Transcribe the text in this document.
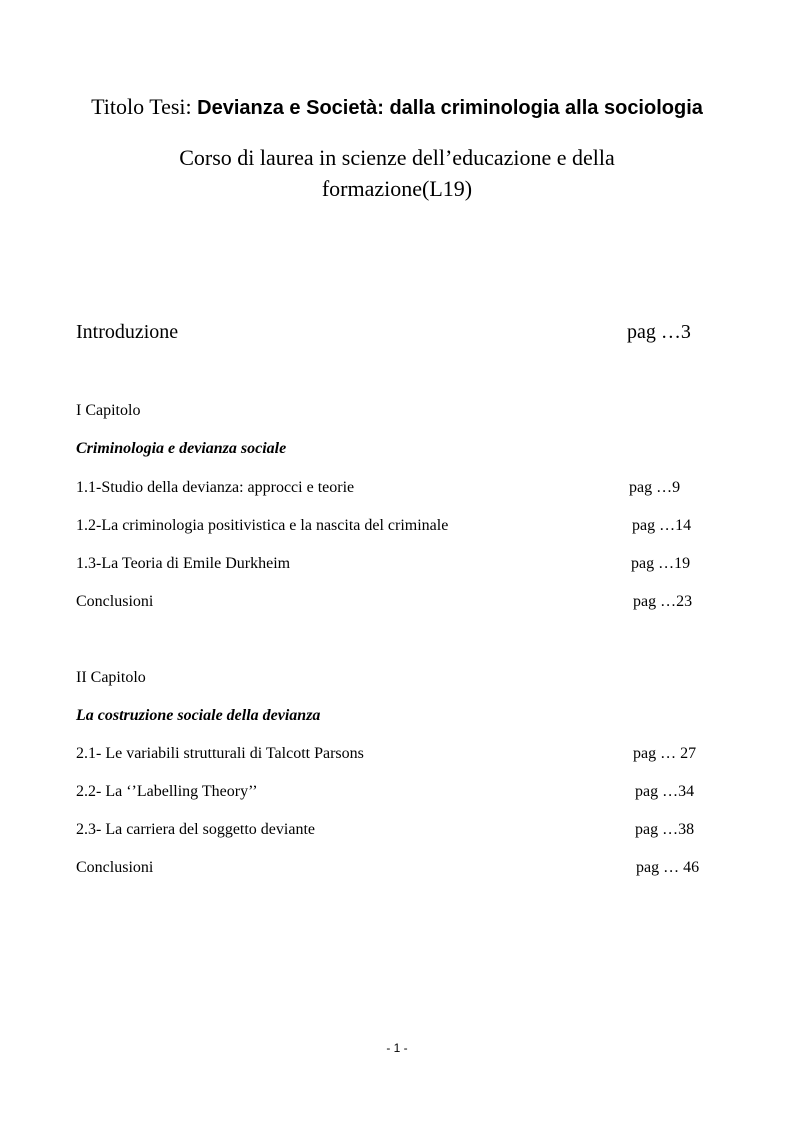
Titolo Tesi: Devianza e Società: dalla criminologia alla sociologia
Corso di laurea in scienze dell’educazione e della
formazione(L19)
Introduzione	pag …3
I Capitolo
Criminologia e devianza sociale
1.1-Studio della devianza: approcci e teorie	pag …9
1.2-La criminologia positivistica e la nascita del criminale	pag …14
1.3-La Teoria di Emile Durkheim	pag …19
Conclusioni	pag …23
II Capitolo
La costruzione sociale della devianza
2.1- Le variabili strutturali di Talcott Parsons	pag … 27
2.2- La ‘’Labelling Theory’’	pag …34
2.3- La carriera del soggetto deviante	pag …38
Conclusioni	pag … 46
- 1 -
